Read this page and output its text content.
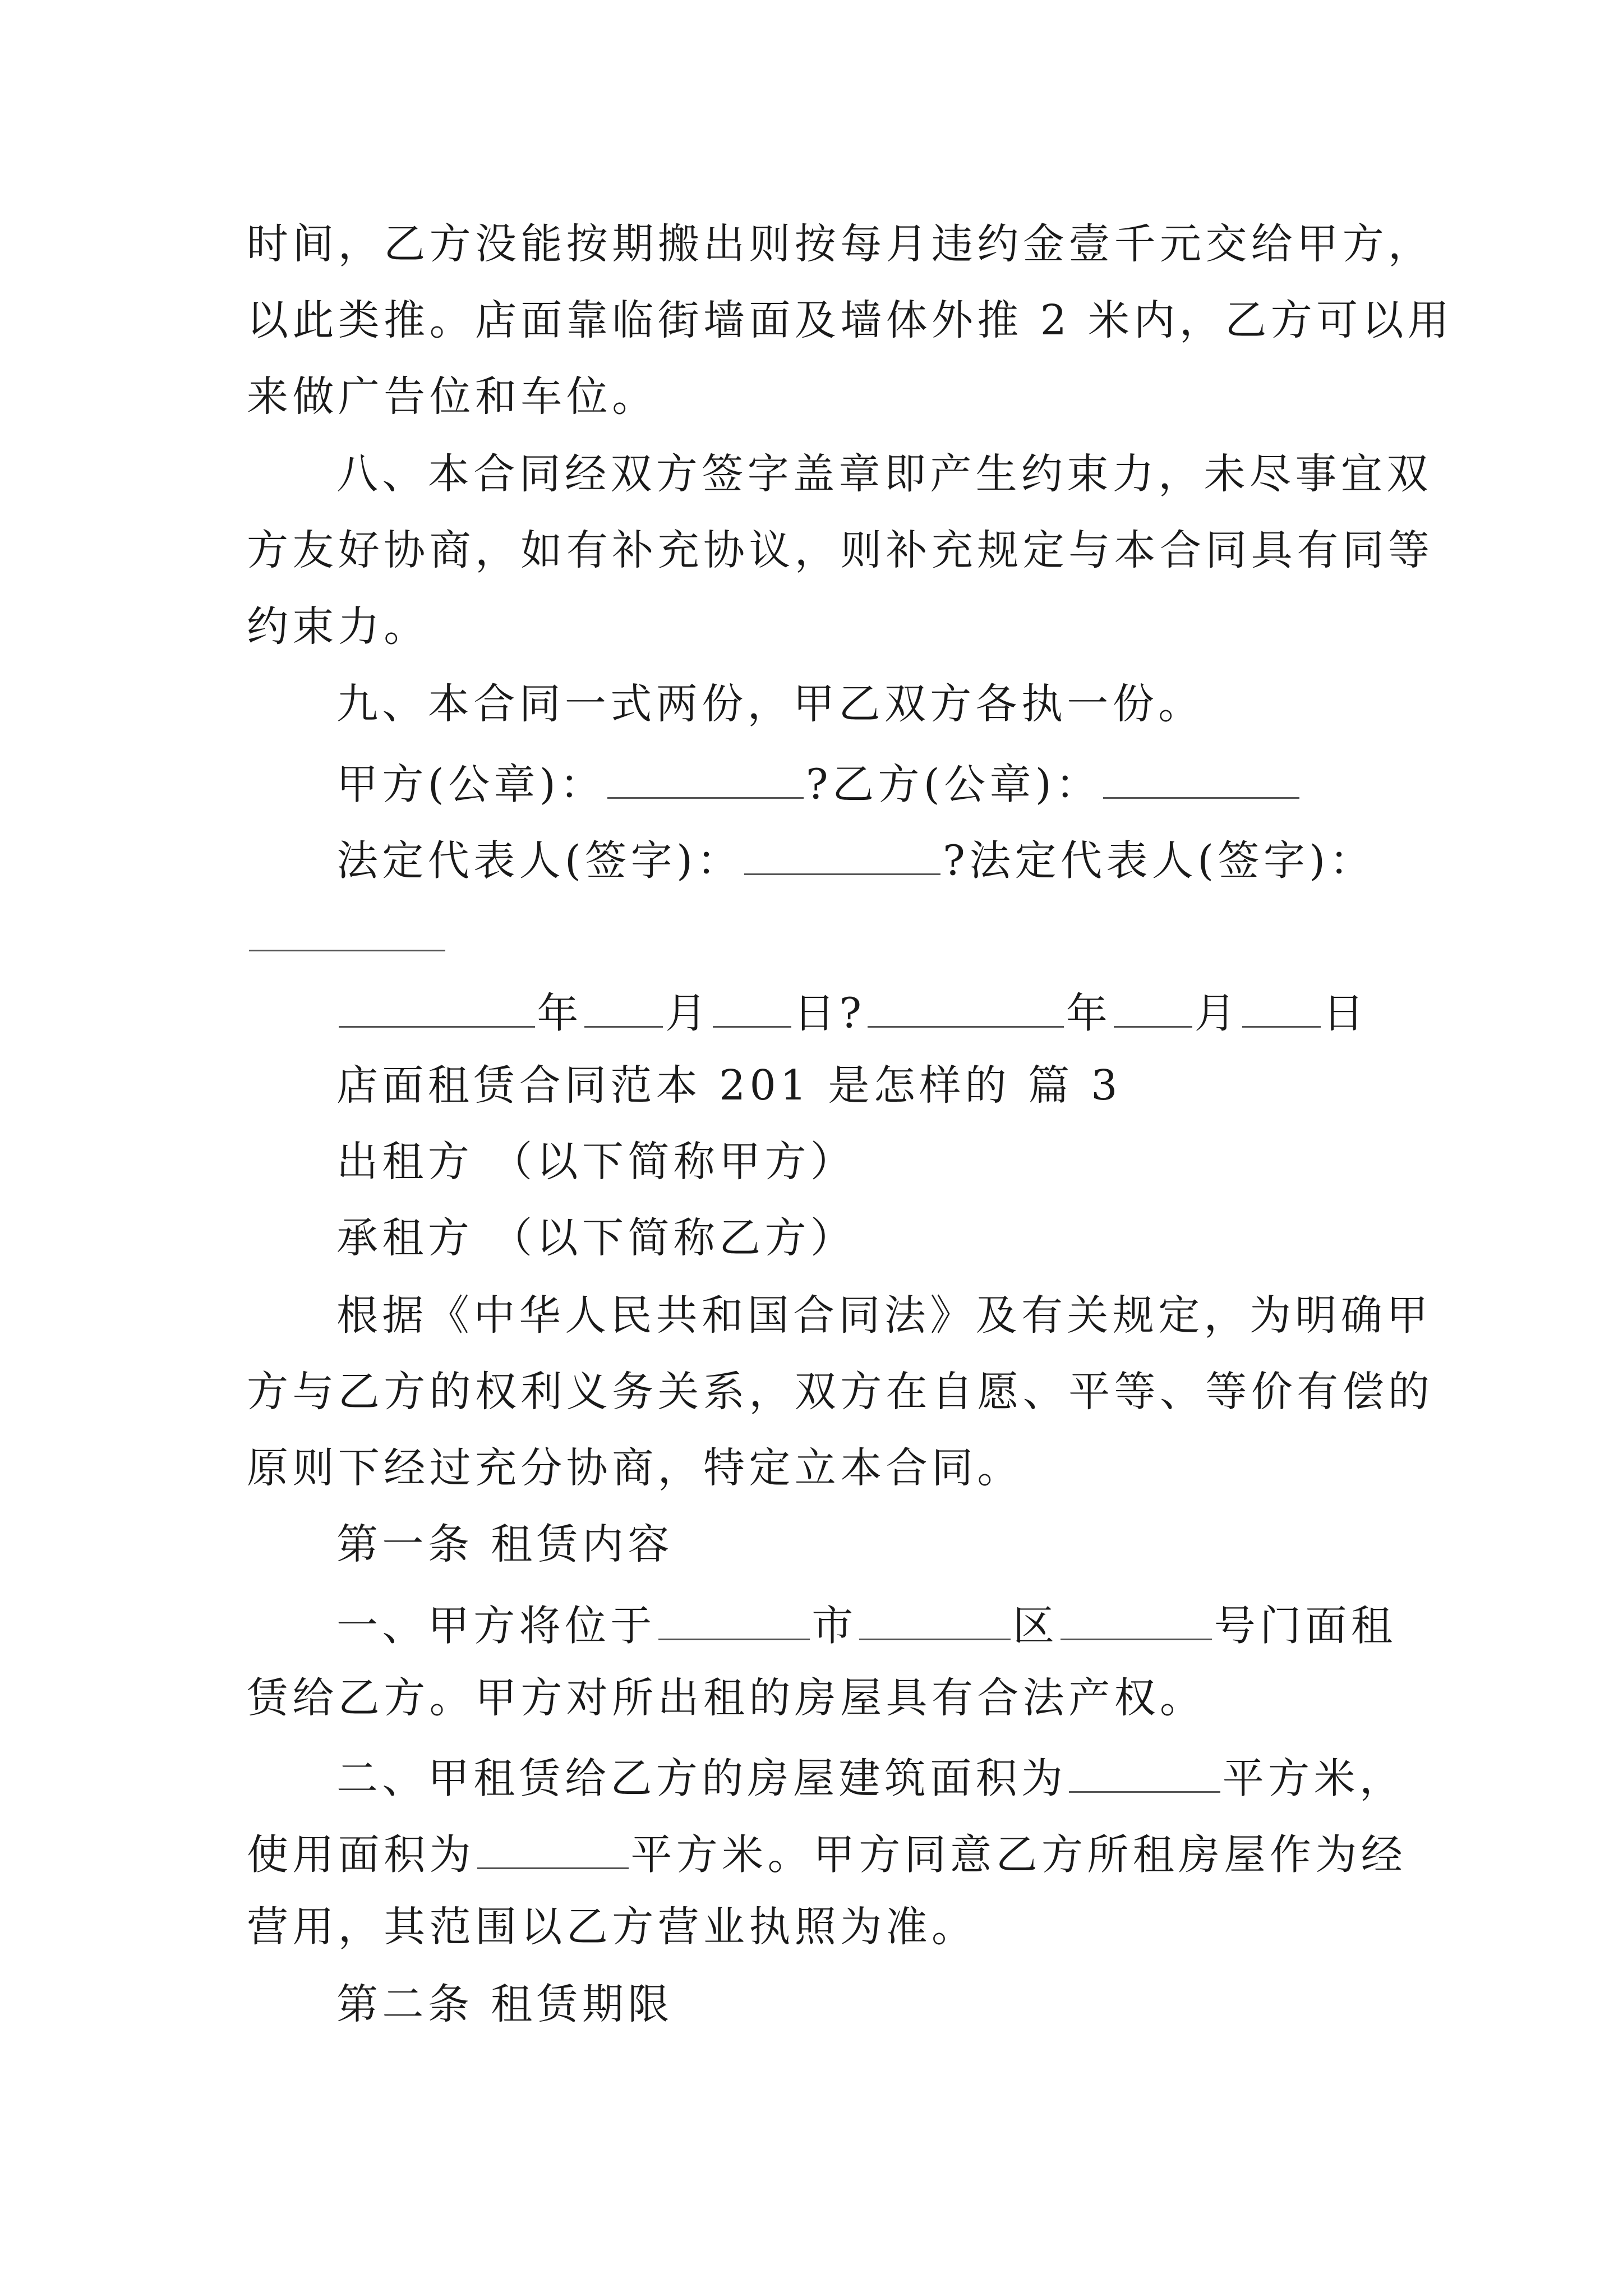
时间，乙方没能按期搬出则按每月违约金壹千元交给甲方，
以此类推。店面靠临街墙面及墙体外推 2 米内，乙方可以用
来做广告位和车位。
八、本合同经双方签字盖章即产生约束力，未尽事宜双
方友好协商，如有补充协议，则补充规定与本合同具有同等
约束力。
九、本合同一式两份，甲乙双方各执一份。
甲方(公章)：	?乙方(公章)：
法定代表人(签字)：	?法定代表人(签字)：
年 月 日?	年 月 日
店面租赁合同范本 201 是怎样的 篇 3
出租方 （以下简称甲方）
承租方 （以下简称乙方）
根据《中华人民共和国合同法》及有关规定，为明确甲
方与乙方的权利义务关系，双方在自愿、平等、等价有偿的
原则下经过充分协商，特定立本合同。
第一条 租赁内容
一、甲方将位于	市	区	号门面租
赁给乙方。甲方对所出租的房屋具有合法产权。
二、甲租赁给乙方的房屋建筑面积为	平方米，
使用面积为	平方米。甲方同意乙方所租房屋作为经
营用，其范围以乙方营业执照为准。
第二条 租赁期限
